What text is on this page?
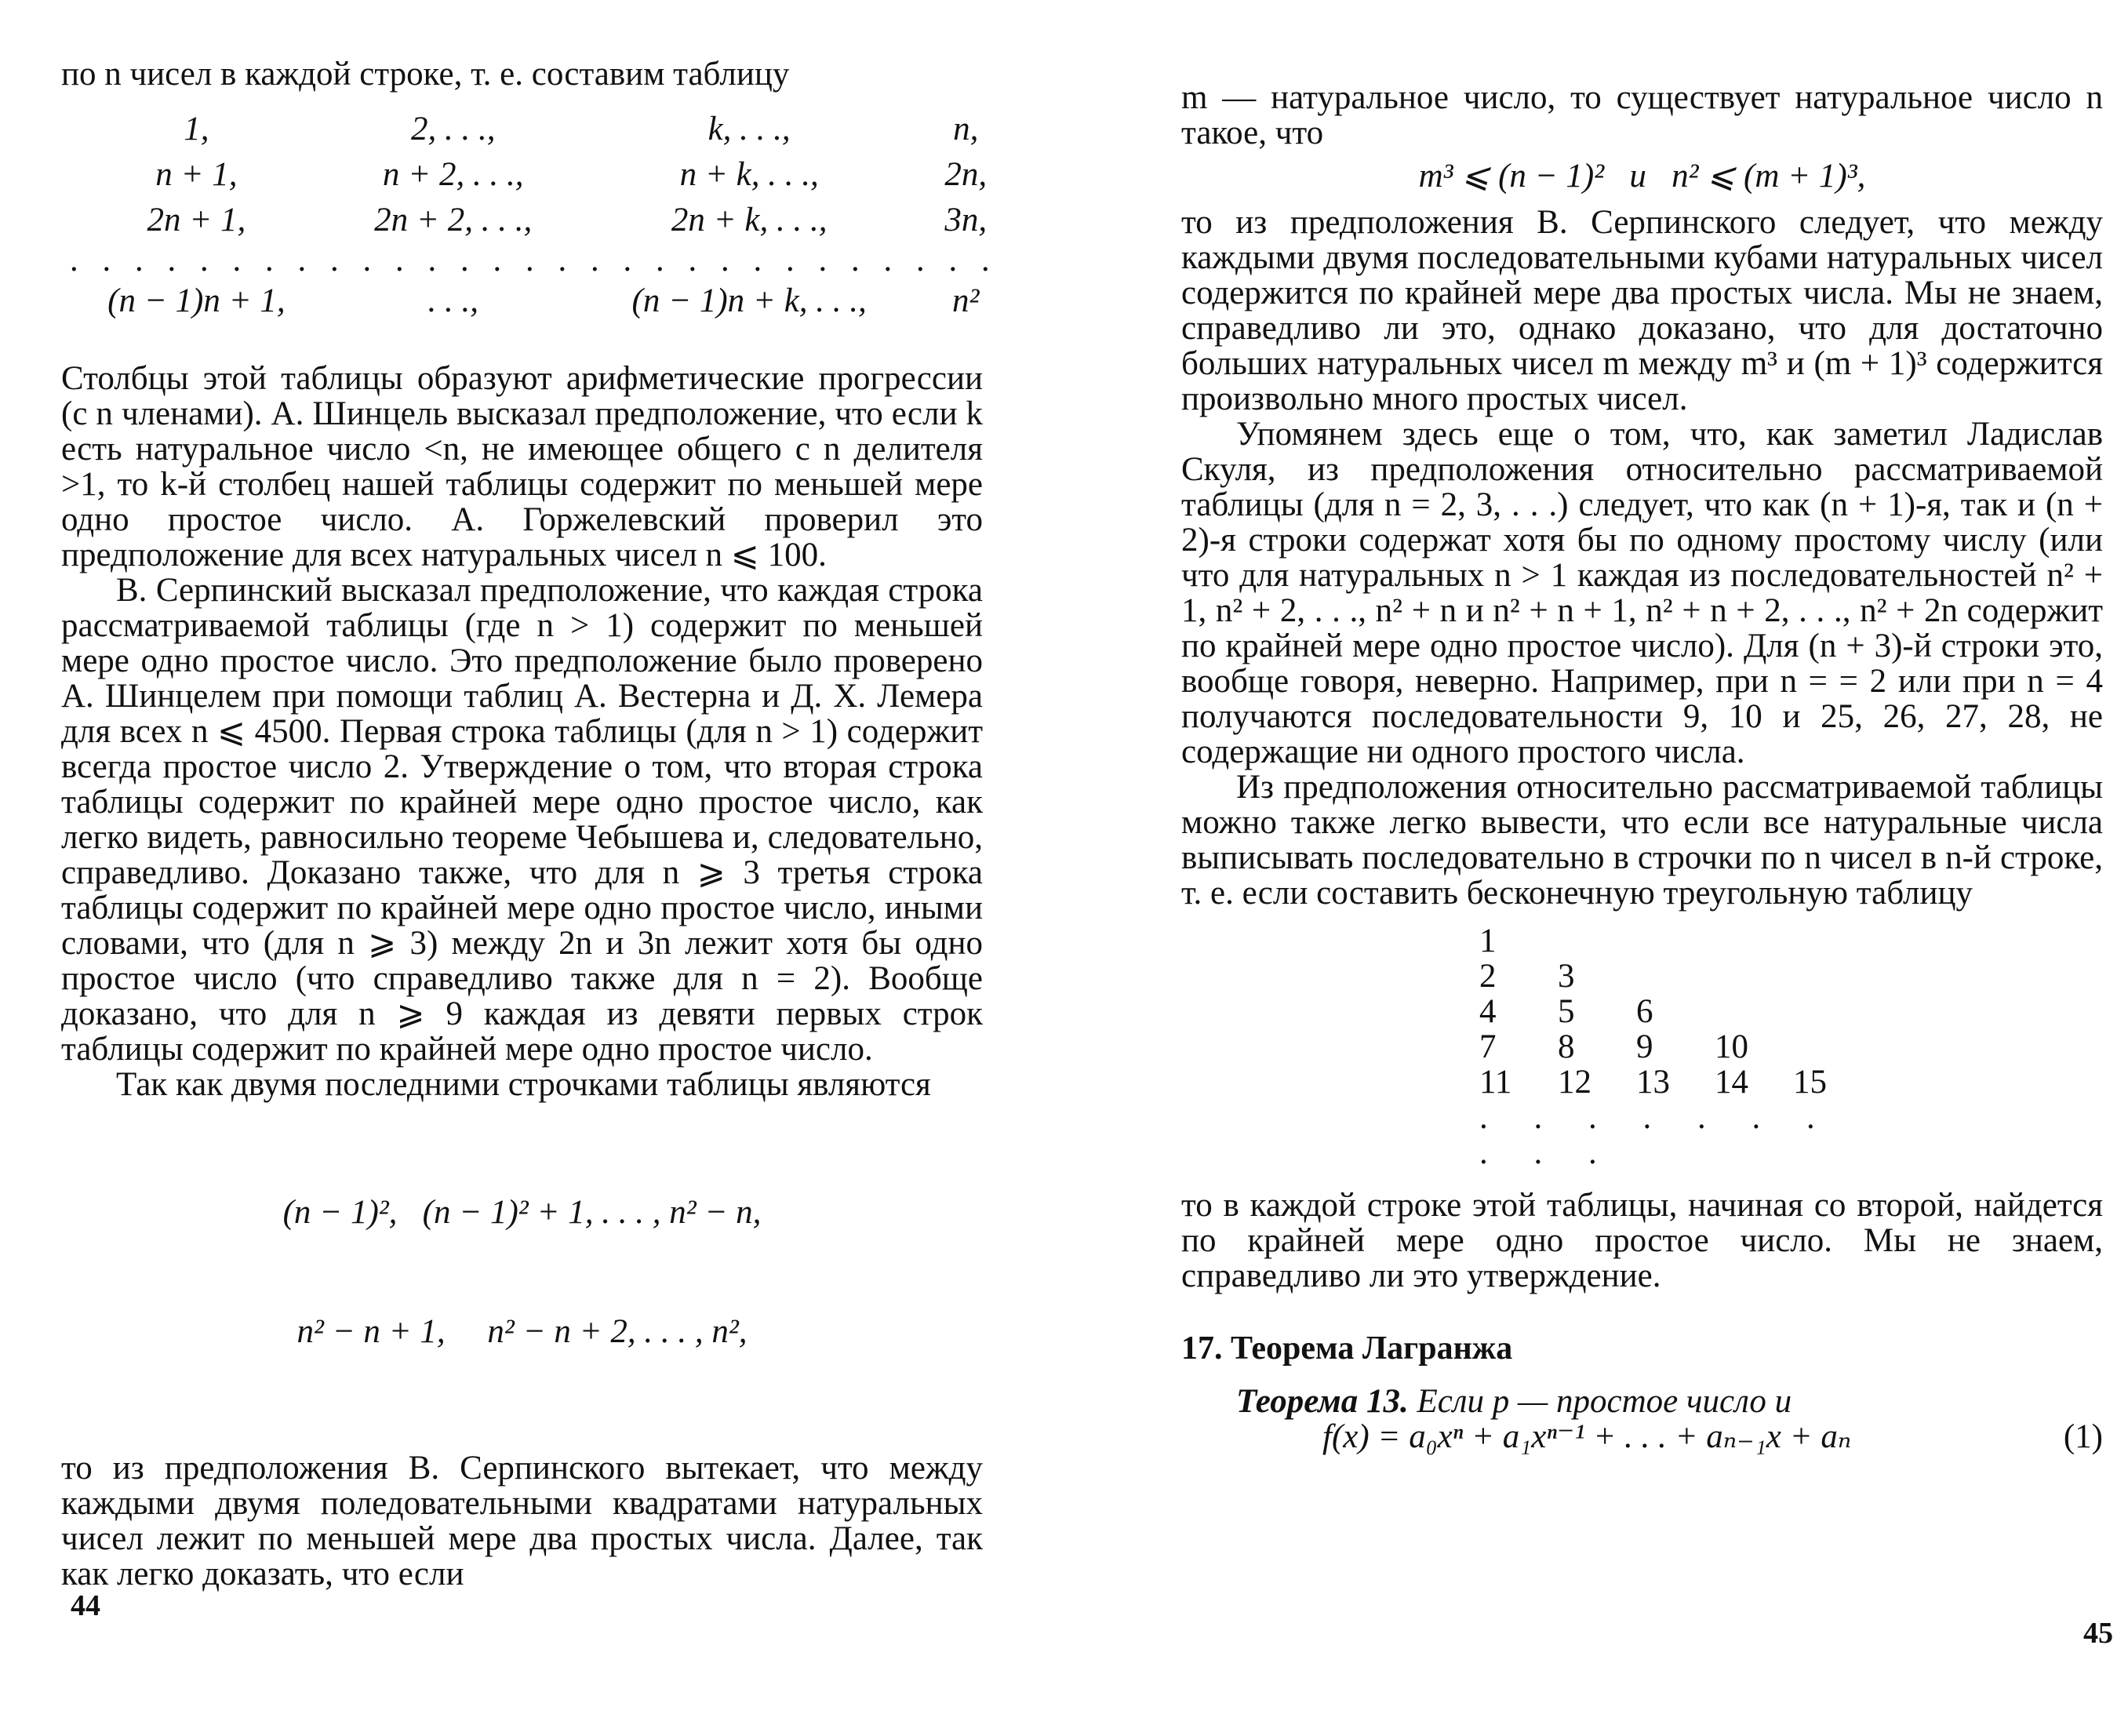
по n чисел в каждой строке, т. е. составим таблицу

1,	2, . . .,	k, . . .,	n,
n + 1,	n + 2, . . .,	n + k, . . .,	2n,
2n + 1,	2n + 2, . . .,	2n + k, . . .,	3n,
. . . . . . . . . . . . . . . . . . . . . . . . . . . . .			
(n − 1)n + 1,	. . .,	(n − 1)n + k, . . .,	n²

Столбцы этой таблицы образуют арифметические прогрессии (с n членами). А. Шинцель высказал предположение, что если k есть натуральное число <n, не имеющее общего с n делителя >1, то k-й столбец нашей таблицы содержит по меньшей мере одно простое число. А. Горжелевский проверил это предположение для всех натуральных чисел n ⩽ 100.

В. Серпинский высказал предположение, что каждая строка рассматриваемой таблицы (где n > 1) содержит по меньшей мере одно простое число. Это предположение было проверено А. Шинцелем при помощи таблиц А. Вестерна и Д. Х. Лемера для всех n ⩽ 4500. Первая строка таблицы (для n > 1) содержит всегда простое число 2. Утверждение о том, что вторая строка таблицы содержит по крайней мере одно простое число, как легко видеть, равносильно теореме Чебышева и, следовательно, справедливо. Доказано также, что для n ⩾ 3 третья строка таблицы содержит по крайней мере одно простое число, иными словами, что (для n ⩾ 3) между 2n и 3n лежит хотя бы одно простое число (что справедливо также для n = 2). Вообще доказано, что для n ⩾ 9 каждая из девяти первых строк таблицы содержит по крайней мере одно простое число.

Так как двумя последними строчками таблицы являются

(n − 1)²,   (n − 1)² + 1, . . . , n² − n,

n² − n + 1,     n² − n + 2, . . . , n²,

то из предположения В. Серпинского вытекает, что между каждыми двумя поледовательными квадратами натуральных чисел лежит по меньшей мере два простых числа. Далее, так как легко доказать, что если

44

m — натуральное число, то существует натуральное число n такое, что

m³ ⩽ (n − 1)²   и   n² ⩽ (m + 1)³,

то из предположения В. Серпинского следует, что между каждыми двумя последовательными кубами натуральных чисел содержится по крайней мере два простых числа. Мы не знаем, справедливо ли это, однако доказано, что для достаточно больших натуральных чисел m между m³ и (m + 1)³ содержится произвольно много простых чисел.

Упомянем здесь еще о том, что, как заметил Ладислав Скуля, из предположения относительно рассматриваемой таблицы (для n = 2, 3, . . .) следует, что как (n + 1)-я, так и (n + 2)-я строки содержат хотя бы по одному простому числу (или что для натуральных n > 1 каждая из последовательностей n² + 1, n² + 2, . . ., n² + n и n² + n + 1, n² + n + 2, . . ., n² + 2n содержит по крайней мере одно простое число). Для (n + 3)-й строки это, вообще говоря, неверно. Например, при n = = 2 или при n = 4 получаются последовательности 9, 10 и 25, 26, 27, 28, не содержащие ни одного простого числа.

Из предположения относительно рассматриваемой таблицы можно также легко вывести, что если все натуральные числа выписывать последовательно в строчки по n чисел в n-й строке, т. е. если составить бесконечную треугольную таблицу

1				
2	3			
4	5	6		
7	8	9	10	
11	12	13	14	15
. . . . . . . . . .				

то в каждой строке этой таблицы, начиная со второй, найдется по крайней мере одно простое число. Мы не знаем, справедливо ли это утверждение.

17. Теорема Лагранжа

Теорема 13. Если p — простое число и

f(x) = a₀xⁿ + a₁xⁿ⁻¹ + . . . + aₙ₋₁x + aₙ	(1)
45
